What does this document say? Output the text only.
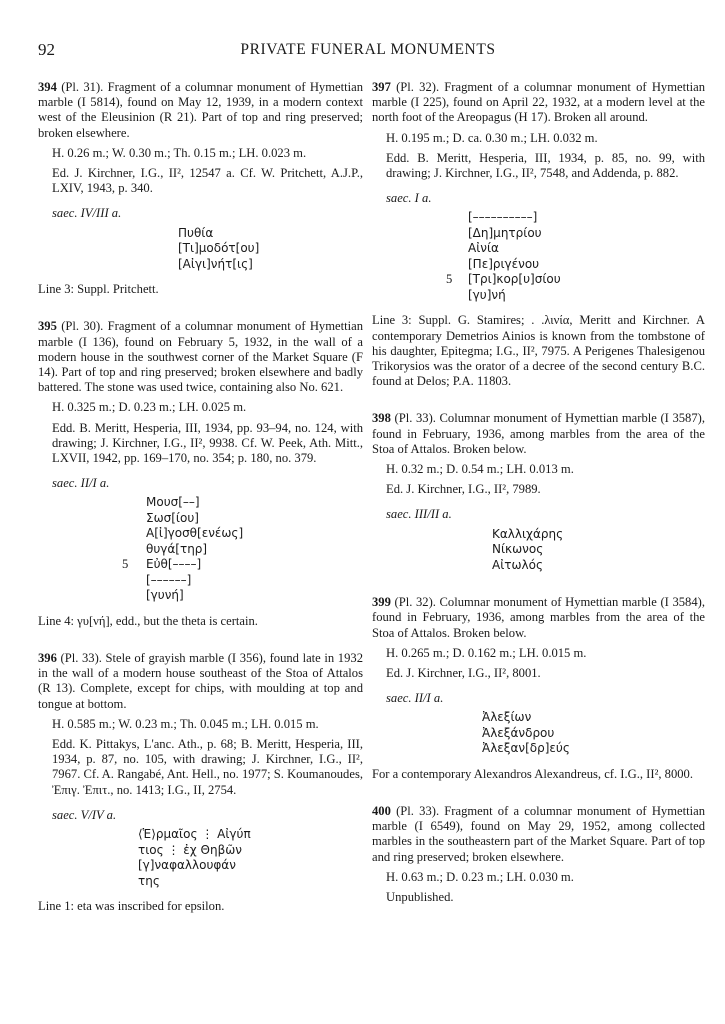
92	PRIVATE FUNERAL MONUMENTS

394 (Pl. 31). Fragment of a columnar monument of Hymettian marble (I 5814), found on May 12, 1939, in a modern context west of the Eleusinion (R 21). Part of top and ring preserved; broken elsewhere.

H. 0.26 m.; W. 0.30 m.; Th. 0.15 m.; LH. 0.023 m.

Ed. J. Kirchner, I.G., II², 12547 a. Cf. W. Pritchett, A.J.P., LXIV, 1943, p. 340.

saec. IV/III a.
Πυθία
[Τι]μοδότ[ου]
[Αἰγι]νήτ[ις]

Line 3: Suppl. Pritchett.

395 (Pl. 30). Fragment of a columnar monument of Hymettian marble (I 136), found on February 5, 1932, in the wall of a modern house in the southwest corner of the Market Square (F 14). Part of top and ring preserved; broken elsewhere and badly battered. The stone was used twice, containing also No. 621.

H. 0.325 m.; D. 0.23 m.; LH. 0.025 m.

Edd. B. Meritt, Hesperia, III, 1934, pp. 93–94, no. 124, with drawing; J. Kirchner, I.G., II², 9938. Cf. W. Peek, Ath. Mitt., LXVII, 1942, pp. 169–170, no. 354; p. 180, no. 379.

saec. II/I a.
Μουσ[––]
Σωσ[ίου]
Α[ἰ]γοσθ[ενέως]
θυγά[τηρ]
5 Εὐθ[––––]
[––––––]
[γυνή]

Line 4: γυ[νή], edd., but the theta is certain.

396 (Pl. 33). Stele of grayish marble (I 356), found late in 1932 in the wall of a modern house southeast of the Stoa of Attalos (R 13). Complete, except for chips, with moulding at top and tongue at bottom.

H. 0.585 m.; W. 0.23 m.; Th. 0.045 m.; LH. 0.015 m.

Edd. K. Pittakys, L'anc. Ath., p. 68; B. Meritt, Hesperia, III, 1934, p. 87, no. 105, with drawing; J. Kirchner, I.G., II², 7967. Cf. A. Rangabé, Ant. Hell., no. 1977; S. Koumanoudes, Ἐπιγ. Ἐπιτ., no. 1413; I.G., II, 2754.

saec. V/IV a.
⟨Ἑ⟩ρμαῖος ⋮ Αἰγύπ
τιος ⋮ ἐχ Θηβῶν
[γ]ναφαλλουφάν
της

Line 1: eta was inscribed for epsilon.

397 (Pl. 32). Fragment of a columnar monument of Hymettian marble (I 225), found on April 22, 1932, at a modern level at the north foot of the Areopagus (H 17). Broken all around.

H. 0.195 m.; D. ca. 0.30 m.; LH. 0.032 m.

Edd. B. Meritt, Hesperia, III, 1934, p. 85, no. 99, with drawing; J. Kirchner, I.G., II², 7548, and Addenda, p. 882.

saec. I a.
[––––––––––]
[Δη]μητρίου
Αἰνία
[Πε]ριγένου
5 [Τρι]κορ[υ]σίου
[γυ]νή

Line 3: Suppl. G. Stamires; . .λινία, Meritt and Kirchner. A contemporary Demetrios Ainios is known from the tombstone of his daughter, Epitegma; I.G., II², 7975. A Perigenes Thalesigenou Trikorysios was the orator of a decree of the second century B.C. found at Delos; P.A. 11803.

398 (Pl. 33). Columnar monument of Hymettian marble (I 3587), found in February, 1936, among marbles from the area of the Stoa of Attalos. Broken below.

H. 0.32 m.; D. 0.54 m.; LH. 0.013 m.

Ed. J. Kirchner, I.G., II², 7989.

saec. III/II a.
Καλλιχάρης
Νίκωνος
Αἰτωλός

399 (Pl. 32). Columnar monument of Hymettian marble (I 3584), found in February, 1936, among marbles from the area of the Stoa of Attalos. Broken below.

H. 0.265 m.; D. 0.162 m.; LH. 0.015 m.

Ed. J. Kirchner, I.G., II², 8001.

saec. II/I a.
Ἀλεξίων
Ἀλεξάνδρου
Ἀλεξαν[δρ]εύς

For a contemporary Alexandros Alexandreus, cf. I.G., II², 8000.

400 (Pl. 33). Fragment of a columnar monument of Hymettian marble (I 6549), found on May 29, 1952, among collected marbles in the southeastern part of the Market Square. Part of top and ring preserved; broken elsewhere.

H. 0.63 m.; D. 0.23 m.; LH. 0.030 m.

Unpublished.
